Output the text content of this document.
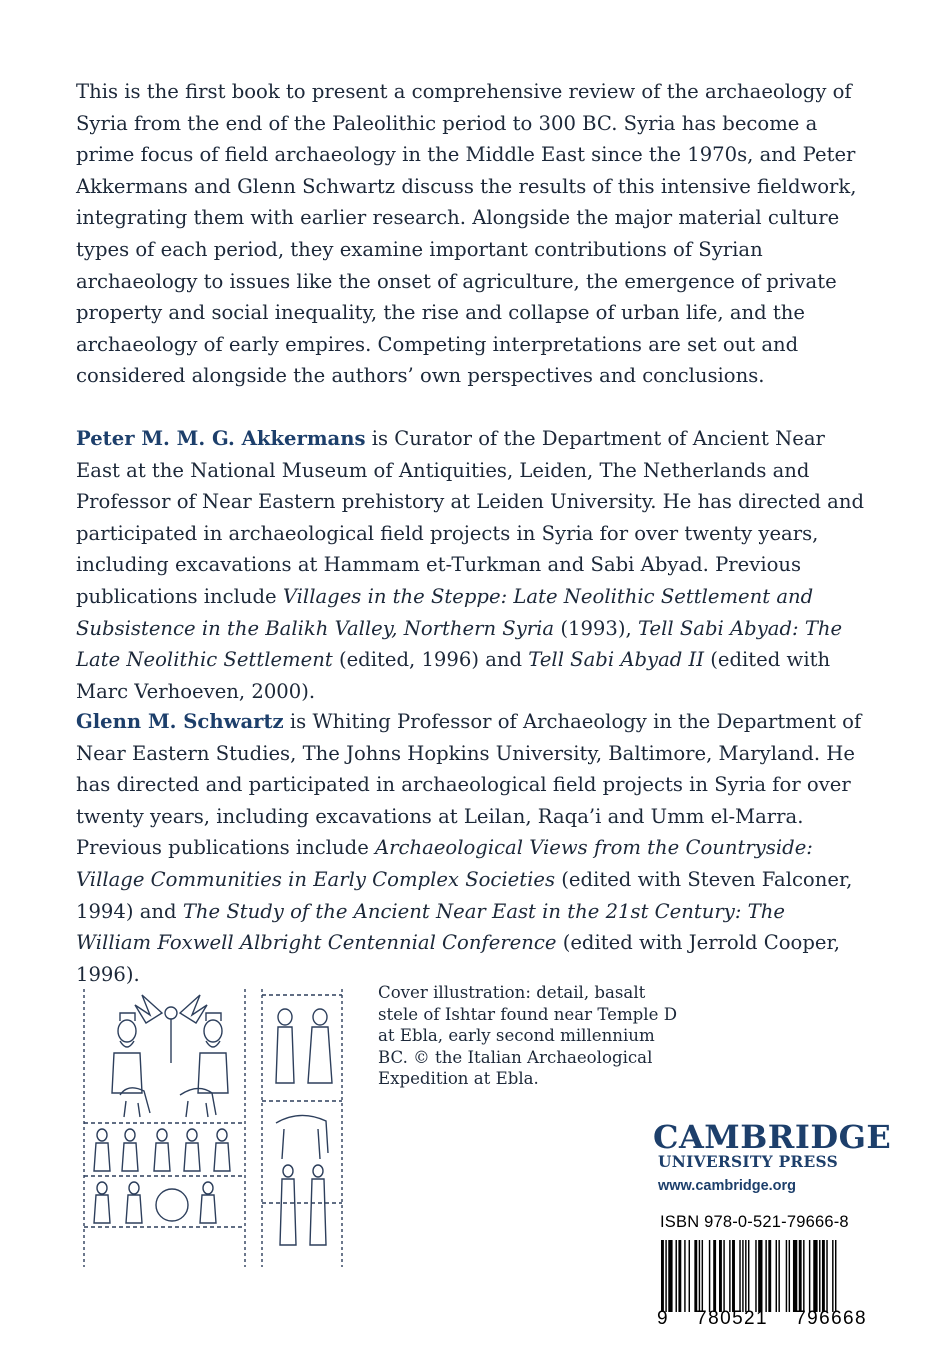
This is the first book to present a comprehensive review of the archaeology of Syria from the end of the Paleolithic period to 300 BC. Syria has become a prime focus of field archaeology in the Middle East since the 1970s, and Peter Akkermans and Glenn Schwartz discuss the results of this intensive fieldwork, integrating them with earlier research. Alongside the major material culture types of each period, they examine important contributions of Syrian archaeology to issues like the onset of agriculture, the emergence of private property and social inequality, the rise and collapse of urban life, and the archaeology of early empires. Competing interpretations are set out and considered alongside the authors’ own perspectives and conclusions.

Peter M. M. G. Akkermans is Curator of the Department of Ancient Near East at the National Museum of Antiquities, Leiden, The Netherlands and Professor of Near Eastern prehistory at Leiden University. He has directed and participated in archaeological field projects in Syria for over twenty years, including excavations at Hammam et-Turkman and Sabi Abyad. Previous publications include Villages in the Steppe: Late Neolithic Settlement and Subsistence in the Balikh Valley, Northern Syria (1993), Tell Sabi Abyad: The Late Neolithic Settlement (edited, 1996) and Tell Sabi Abyad II (edited with Marc Verhoeven, 2000).

Glenn M. Schwartz is Whiting Professor of Archaeology in the Department of Near Eastern Studies, The Johns Hopkins University, Baltimore, Maryland. He has directed and participated in archaeological field projects in Syria for over twenty years, including excavations at Leilan, Raqa’i and Umm el-Marra. Previous publications include Archaeological Views from the Countryside: Village Communities in Early Complex Societies (edited with Steven Falconer, 1994) and The Study of the Ancient Near East in the 21st Century: The William Foxwell Albright Centennial Conference (edited with Jerrold Cooper, 1996).

Cover illustration: detail, basalt
stele of Ishtar found near Temple D
at Ebla, early second millennium
BC. © the Italian Archaeological
Expedition at Ebla.
CAMBRIDGE
UNIVERSITY PRESS
www.cambridge.org
ISBN 978-0-521-79666-8
9 780521 796668
